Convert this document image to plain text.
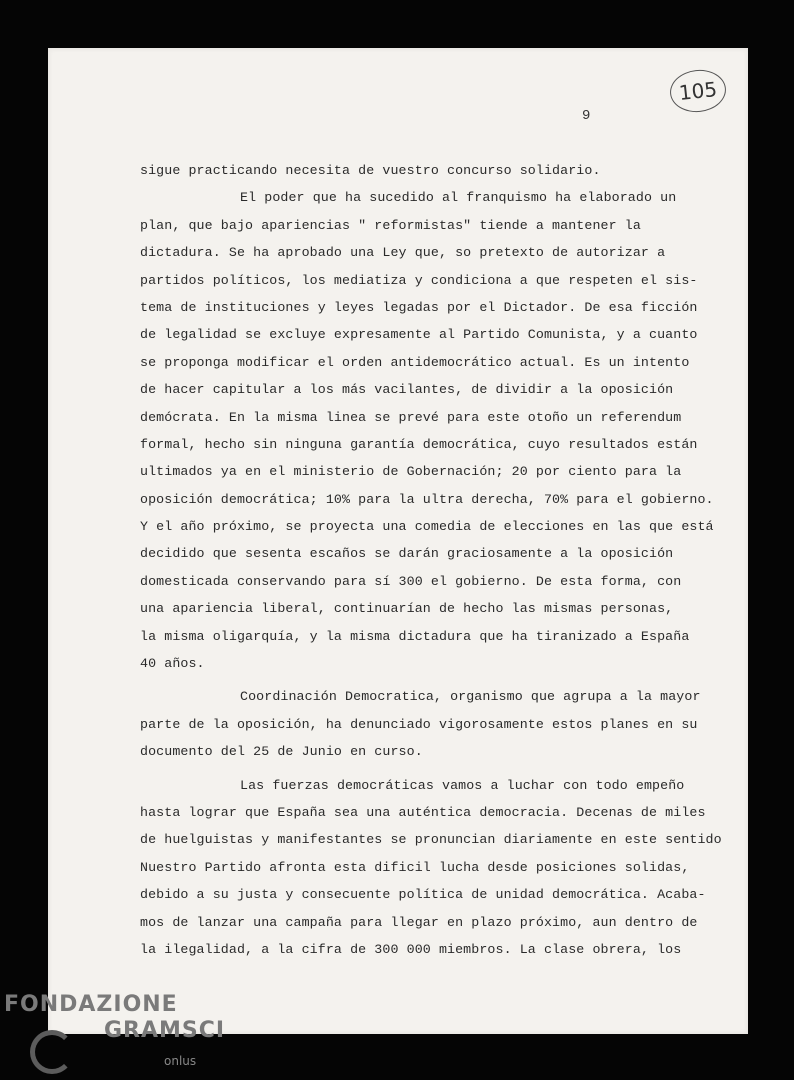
105
9
sigue practicando necesita de vuestro concurso solidario.
El poder que ha sucedido al franquismo ha elaborado un
plan, que bajo apariencias " reformistas" tiende a mantener la
dictadura. Se ha aprobado una Ley que, so pretexto de autorizar a
partidos políticos, los mediatiza y condiciona a que respeten el sis-
tema de instituciones y leyes legadas por el Dictador. De esa ficción
de legalidad se excluye expresamente al Partido Comunista, y a cuanto
se proponga modificar el orden antidemocrático actual. Es un intento
de hacer capitular a los más vacilantes, de dividir a la oposición
demócrata. En la misma linea se prevé para este otoño un referendum
formal, hecho sin ninguna garantía democrática, cuyo resultados están
ultimados ya en el ministerio de Gobernación; 20 por ciento para la
oposición democrática; 10% para la ultra derecha, 70% para el gobierno.
Y el año próximo, se proyecta una comedia de elecciones en las que está
decidido que sesenta escaños se darán graciosamente a la oposición
domesticada conservando para sí 300 el gobierno. De esta forma, con
una apariencia liberal, continuarían de hecho las mismas personas,
la misma oligarquía, y la misma dictadura que ha tiranizado a España
40 años.
Coordinación Democratica, organismo que agrupa a la mayor
parte de la oposición, ha denunciado vigorosamente estos planes en su
documento del 25 de Junio en curso.
Las fuerzas democráticas vamos a luchar con todo empeño
hasta lograr que España sea una auténtica democracia. Decenas de miles
de huelguistas y manifestantes se pronuncian diariamente en este sentido
Nuestro Partido afronta esta dificil lucha desde posiciones solidas,
debido a su justa y consecuente política de unidad democrática. Acaba-
mos de lanzar una campaña para llegar en plazo próximo, aun dentro de
la ilegalidad, a la cifra de 300 000 miembros. La clase obrera, los
FONDAZIONE
GRAMSCI
onlus
